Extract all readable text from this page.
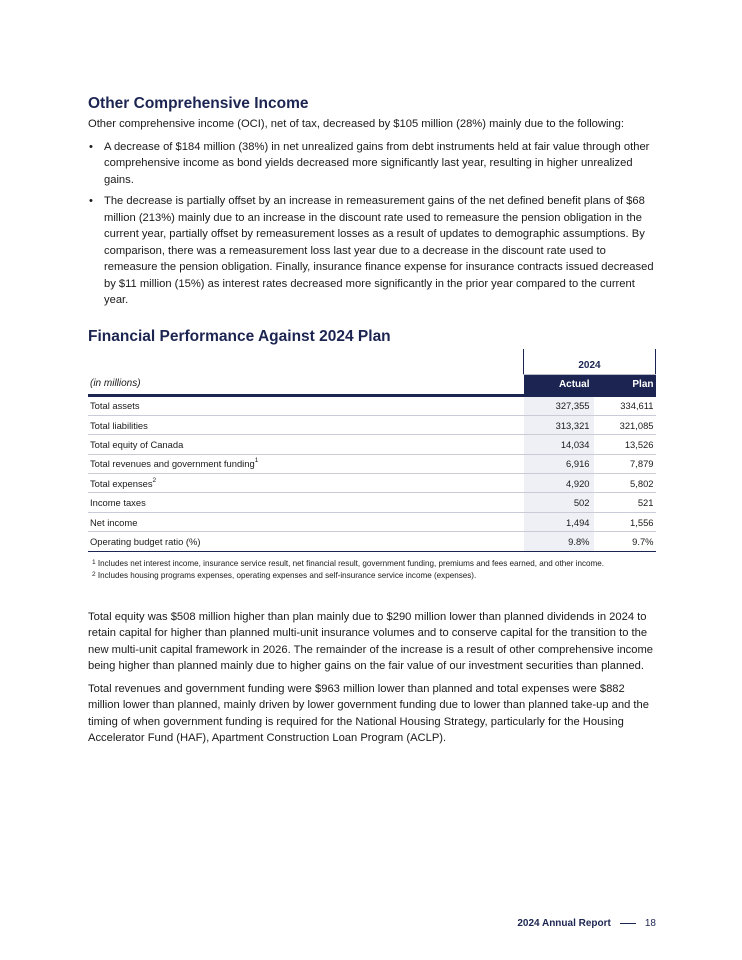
Other Comprehensive Income

Other comprehensive income (OCI), net of tax, decreased by $105 million (28%) mainly due to the following:

• A decrease of $184 million (38%) in net unrealized gains from debt instruments held at fair value through other comprehensive income as bond yields decreased more significantly last year, resulting in higher unrealized gains.
• The decrease is partially offset by an increase in remeasurement gains of the net defined benefit plans of $68 million (213%) mainly due to an increase in the discount rate used to remeasure the pension obligation in the current year, partially offset by remeasurement losses as a result of updates to demographic assumptions. By comparison, there was a remeasurement loss last year due to a decrease in the discount rate used to remeasure the pension obligation. Finally, insurance finance expense for insurance contracts issued decreased by $11 million (15%) as interest rates decreased more significantly in the prior year compared to the current year.
Financial Performance Against 2024 Plan
	2024	
(in millions)	Actual	Plan
Total assets	327,355	334,611
Total liabilities	313,321	321,085
Total equity of Canada	14,034	13,526
Total revenues and government funding$^1$	6,916	7,879
Total expenses$^2$	4,920	5,802
Income taxes	502	521
Net income	1,494	1,556
Operating budget ratio (%)	9.8%	9.7%
$^1$ Includes net interest income, insurance service result, net financial result, government funding, premiums and fees earned, and other income.
$^2$ Includes housing programs expenses, operating expenses and self-insurance service income (expenses).

Total equity was $508 million higher than plan mainly due to $290 million lower than planned dividends in 2024 to retain capital for higher than planned multi-unit insurance volumes and to conserve capital for the transition to the new multi-unit capital framework in 2026. The remainder of the increase is a result of other comprehensive income being higher than planned mainly due to higher gains on the fair value of our investment securities than planned.

Total revenues and government funding were $963 million lower than planned and total expenses were $882 million lower than planned, mainly driven by lower government funding due to lower than planned take-up and the timing of when government funding is required for the National Housing Strategy, particularly for the Housing Accelerator Fund (HAF), Apartment Construction Loan Program (ACLP).

2024 Annual Report	18
